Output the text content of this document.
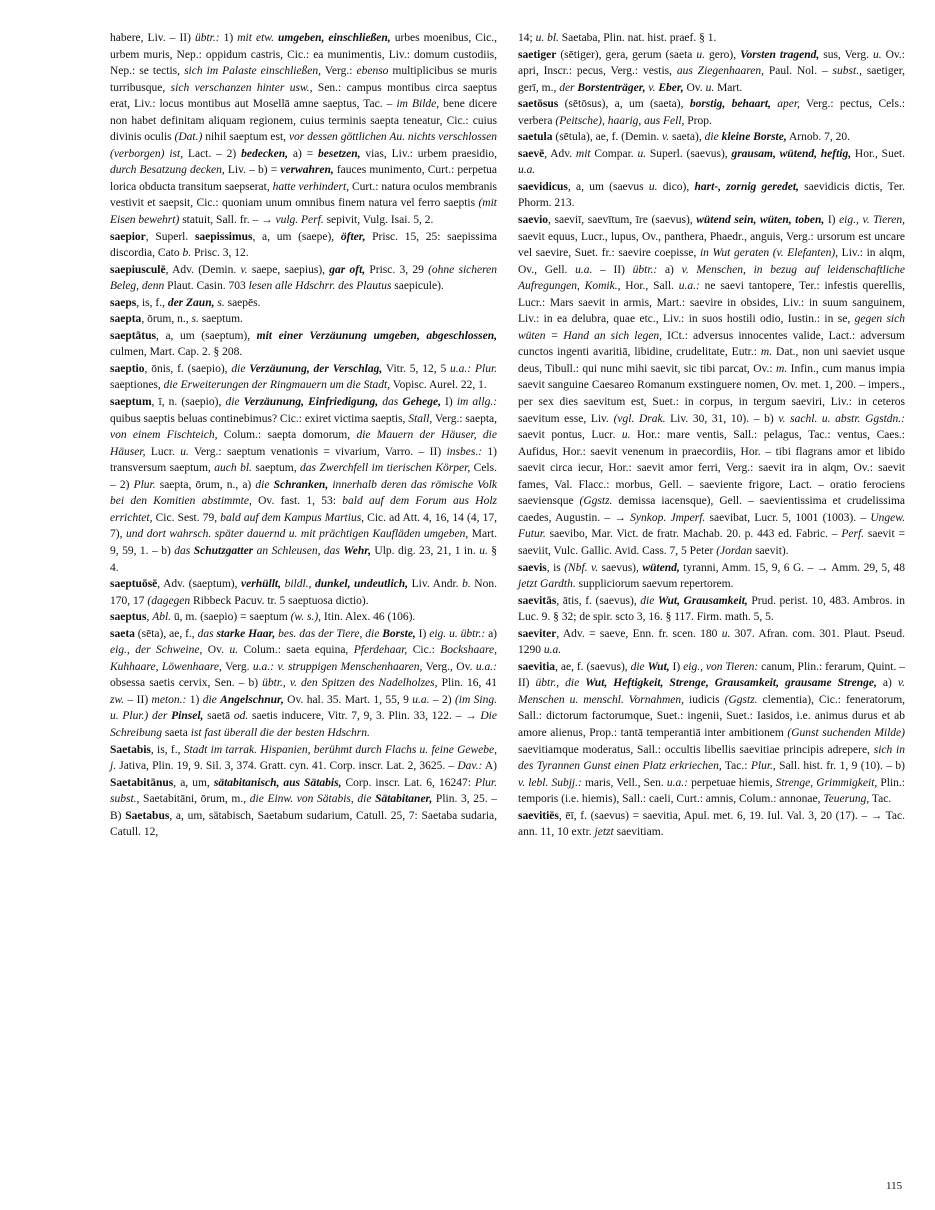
habere, Liv. – II) übtr.: 1) mit etw. umgeben, einschließen, urbes moenibus, Cic., urbem muris, Nep.: oppidum castris, Cic.: ea munimentis, Liv.: domum custodiis, Nep.: se tectis, sich im Palaste einschließen, Verg.: ebenso multiplicibus se muris turribusque, sich verschanzen hinter usw., Sen.: campus montibus circa saeptus erat, Liv.: locus montibus aut Mosellā amne saeptus, Tac. – im Bilde, bene dicere non habet definitam aliquam regionem, cuius terminis saepta teneatur, Cic.: cuius divinis oculis (Dat.) nihil saeptum est, vor dessen göttlichen Au. nichts verschlossen (verborgen) ist, Lact. – 2) bedecken, a) = besetzen, vias, Liv.: urbem praesidio, durch Besatzung decken, Liv. – b) = verwahren, fauces munimento, Curt.: perpetua lorica obducta transitum saepserat, hatte verhindert, Curt.: natura oculos membranis vestivit et saepsit, Cic.: quoniam unum omnibus finem natura vel ferro saeptis (mit Eisen bewehrt) statuit, Sall. fr. – → vulg. Perf. sepivit, Vulg. Isai. 5, 2.

saepior, Superl. saepissimus, a, um (saepe), öfter, Prisc. 15, 25: saepissima discordia, Cato b. Prisc. 3, 12.

saepiusculē, Adv. (Demin. v. saepe, saepius), gar oft, Prisc. 3, 29 (ohne sicheren Beleg, denn Plaut. Casin. 703 lesen alle Hdschrr. des Plautus saepicule).

saeps, is, f., der Zaun, s. saepēs.

saepta, ōrum, n., s. saeptum.

saeptātus, a, um (saeptum), mit einer Verzäunung umgeben, abgeschlossen, culmen, Mart. Cap. 2. § 208.

saeptio, ōnis, f. (saepio), die Verzäunung, der Verschlag, Vitr. 5, 12, 5 u.a.: Plur. saeptiones, die Erweiterungen der Ringmauern um die Stadt, Vopisc. Aurel. 22, 1.

saeptum, ī, n. (saepio), die Verzäunung, Einfriedigung, das Gehege, I) im allg.: quibus saeptis beluas continebimus? Cic.: exiret victima saeptis, Stall, Verg.: saepta, von einem Fischteich, Colum.: saepta domorum, die Mauern der Häuser, die Häuser, Lucr. u. Verg.: saeptum venationis = vivarium, Varro. – II) insbes.: 1) transversum saeptum, auch bl. saeptum, das Zwerchfell im tierischen Körper, Cels. – 2) Plur. saepta, ōrum, n., a) die Schranken, innerhalb deren das römische Volk bei den Komitien abstimmte, Ov. fast. 1, 53: bald auf dem Forum aus Holz errichtet, Cic. Sest. 79, bald auf dem Kampus Martius, Cic. ad Att. 4, 16, 14 (4, 17, 7), und dort wahrsch. später dauernd u. mit prächtigen Kaufläden umgeben, Mart. 9, 59, 1. – b) das Schutzgatter an Schleusen, das Wehr, Ulp. dig. 23, 21, 1 in. u. § 4.

saeptuōsē, Adv. (saeptum), verhüllt, bildl., dunkel, undeutlich, Liv. Andr. b. Non. 170, 17 (dagegen Ribbeck Pacuv. tr. 5 saeptuosa dictio).

saeptus, Abl. ū, m. (saepio) = saeptum (w. s.), Itin. Alex. 46 (106).

saeta (sēta), ae, f., das starke Haar, bes. das der Tiere, die Borste, I) eig. u. übtr.: a) eig., der Schweine, Ov. u. Colum.: saeta equina, Pferdehaar, Cic.: Bockshaare, Kuhhaare, Löwenhaare, Verg. u.a.: v. struppigen Menschenhaaren, Verg., Ov. u.a.: obsessa saetis cervix, Sen. – b) übtr., v. den Spitzen des Nadelholzes, Plin. 16, 41 zw. – II) meton.: 1) die Angelschnur, Ov. hal. 35. Mart. 1, 55, 9 u.a. – 2) (im Sing. u. Plur.) der Pinsel, saetā od. saetis inducere, Vitr. 7, 9, 3. Plin. 33, 122. – → Die Schreibung saeta ist fast überall die der besten Hdschrn.

Saetabis, is, f., Stadt im tarrak. Hispanien, berühmt durch Flachs u. feine Gewebe, j. Jativa, Plin. 19, 9. Sil. 3, 374. Gratt. cyn. 41. Corp. inscr. Lat. 2, 3625. – Dav.: A) Saetabitānus, a, um, sätabitanisch, aus Sätabis, Corp. inscr. Lat. 6, 16247: Plur. subst., Saetabitāni, ōrum, m., die Einw. von Sätabis, die Sätabitaner, Plin. 3, 25. – B) Saetabus, a, um, sätabisch, Saetabum sudarium, Catull. 25, 7: Saetaba sudaria, Catull. 12,

14; u. bl. Saetaba, Plin. nat. hist. praef. § 1.

saetiger (sētiger), gera, gerum (saeta u. gero), Vorsten tragend, sus, Verg. u. Ov.: apri, Inscr.: pecus, Verg.: vestis, aus Ziegenhaaren, Paul. Nol. – subst., saetiger, gerī, m., der Borstenträger, v. Eber, Ov. u. Mart.

saetōsus (sētōsus), a, um (saeta), borstig, behaart, aper, Verg.: pectus, Cels.: verbera (Peitsche), haarig, aus Fell, Prop.

saetula (sētula), ae, f. (Demin. v. saeta), die kleine Borste, Arnob. 7, 20.

saevē, Adv. mit Compar. u. Superl. (saevus), grausam, wütend, heftig, Hor., Suet. u.a.

saevidicus, a, um (saevus u. dico), hart-, zornig geredet, saevidicis dictis, Ter. Phorm. 213.

saevio, saeviī, saevītum, īre (saevus), wütend sein, wüten, toben, I) eig., v. Tieren, saevit equus, Lucr., lupus, Ov., panthera, Phaedr., anguis, Verg.: ursorum est uncare vel saevire, Suet. fr.: saevire coepisse, in Wut geraten (v. Elefanten), Liv.: in alqm, Ov., Gell. u.a. – II) übtr.: a) v. Menschen, in bezug auf leidenschaftliche Aufregungen, Komik., Hor., Sall. u.a.: ne saevi tantopere, Ter.: infestis querellis, Lucr.: Mars saevit in armis, Mart.: saevire in obsides, Liv.: in suum sanguinem, Liv.: in ea delubra, quae etc., Liv.: in suos hostili odio, Iustin.: in se, gegen sich wüten = Hand an sich legen, ICt.: adversus innocentes valide, Lact.: adversum cunctos ingenti avaritiā, libidine, crudelitate, Eutr.: m. Dat., non uni saeviet usque deus, Tibull.: qui nunc mihi saevit, sic tibi parcat, Ov.: m. Infin., cum manus impia saevit sanguine Caesareo Romanum exstinguere nomen, Ov. met. 1, 200. – impers., per sex dies saevitum est, Suet.: in corpus, in tergum saeviri, Liv.: in ceteros saevitum esse, Liv. (vgl. Drak. Liv. 30, 31, 10). – b) v. sachl. u. abstr. Ggstdn.: saevit pontus, Lucr. u. Hor.: mare ventis, Sall.: pelagus, Tac.: ventus, Caes.: Aufidus, Hor.: saevit venenum in praecordiis, Hor. – tibi flagrans amor et libido saevit circa iecur, Hor.: saevit amor ferri, Verg.: saevit ira in alqm, Ov.: saevit fames, Val. Flacc.: morbus, Gell. – saeviente frigore, Lact. – oratio ferociens saeviensque (Ggstz. demissa iacensque), Gell. – saevientissima et crudelissima caedes, Augustin. – → Synkop. Jmperf. saevibat, Lucr. 5, 1001 (1003). – Ungew. Futur. saevibo, Mar. Vict. de fratr. Machab. 20. p. 443 ed. Fabric. – Perf. saevit = saeviit, Vulc. Gallic. Avid. Cass. 7, 5 Peter (Jordan saevit).

saevis, is (Nbf. v. saevus), wütend, tyranni, Amm. 15, 9, 6 G. – → Amm. 29, 5, 48 jetzt Gardth. suppliciorum saevum repertorem.

saevitās, ātis, f. (saevus), die Wut, Grausamkeit, Prud. perist. 10, 483. Ambros. in Luc. 9. § 32; de spir. scto 3, 16. § 117. Firm. math. 5, 5.

saeviter, Adv. = saeve, Enn. fr. scen. 180 u. 307. Afran. com. 301. Plaut. Pseud. 1290 u.a.

saevitia, ae, f. (saevus), die Wut, I) eig., von Tieren: canum, Plin.: ferarum, Quint. – II) übtr., die Wut, Heftigkeit, Strenge, Grausamkeit, grausame Strenge, a) v. Menschen u. menschl. Vornahmen, iudicis (Ggstz. clementia), Cic.: feneratorum, Sall.: dictorum factorumque, Suet.: ingenii, Suet.: Iasidos, i.e. animus durus et ab amore alienus, Prop.: tantā temperantiā inter ambitionem (Gunst suchenden Milde) saevitiamque moderatus, Sall.: occultis libellis saevitiae principis adrepere, sich in des Tyrannen Gunst einen Platz erkriechen, Tac.: Plur., Sall. hist. fr. 1, 9 (10). – b) v. lebl. Subjj.: maris, Vell., Sen. u.a.: perpetuae hiemis, Strenge, Grimmigkeit, Plin.: temporis (i.e. hiemis), Sall.: caeli, Curt.: amnis, Colum.: annonae, Teuerung, Tac.

saevitiēs, ēī, f. (saevus) = saevitia, Apul. met. 6, 19. Iul. Val. 3, 20 (17). – → Tac. ann. 11, 10 extr. jetzt saevitiam.

115
